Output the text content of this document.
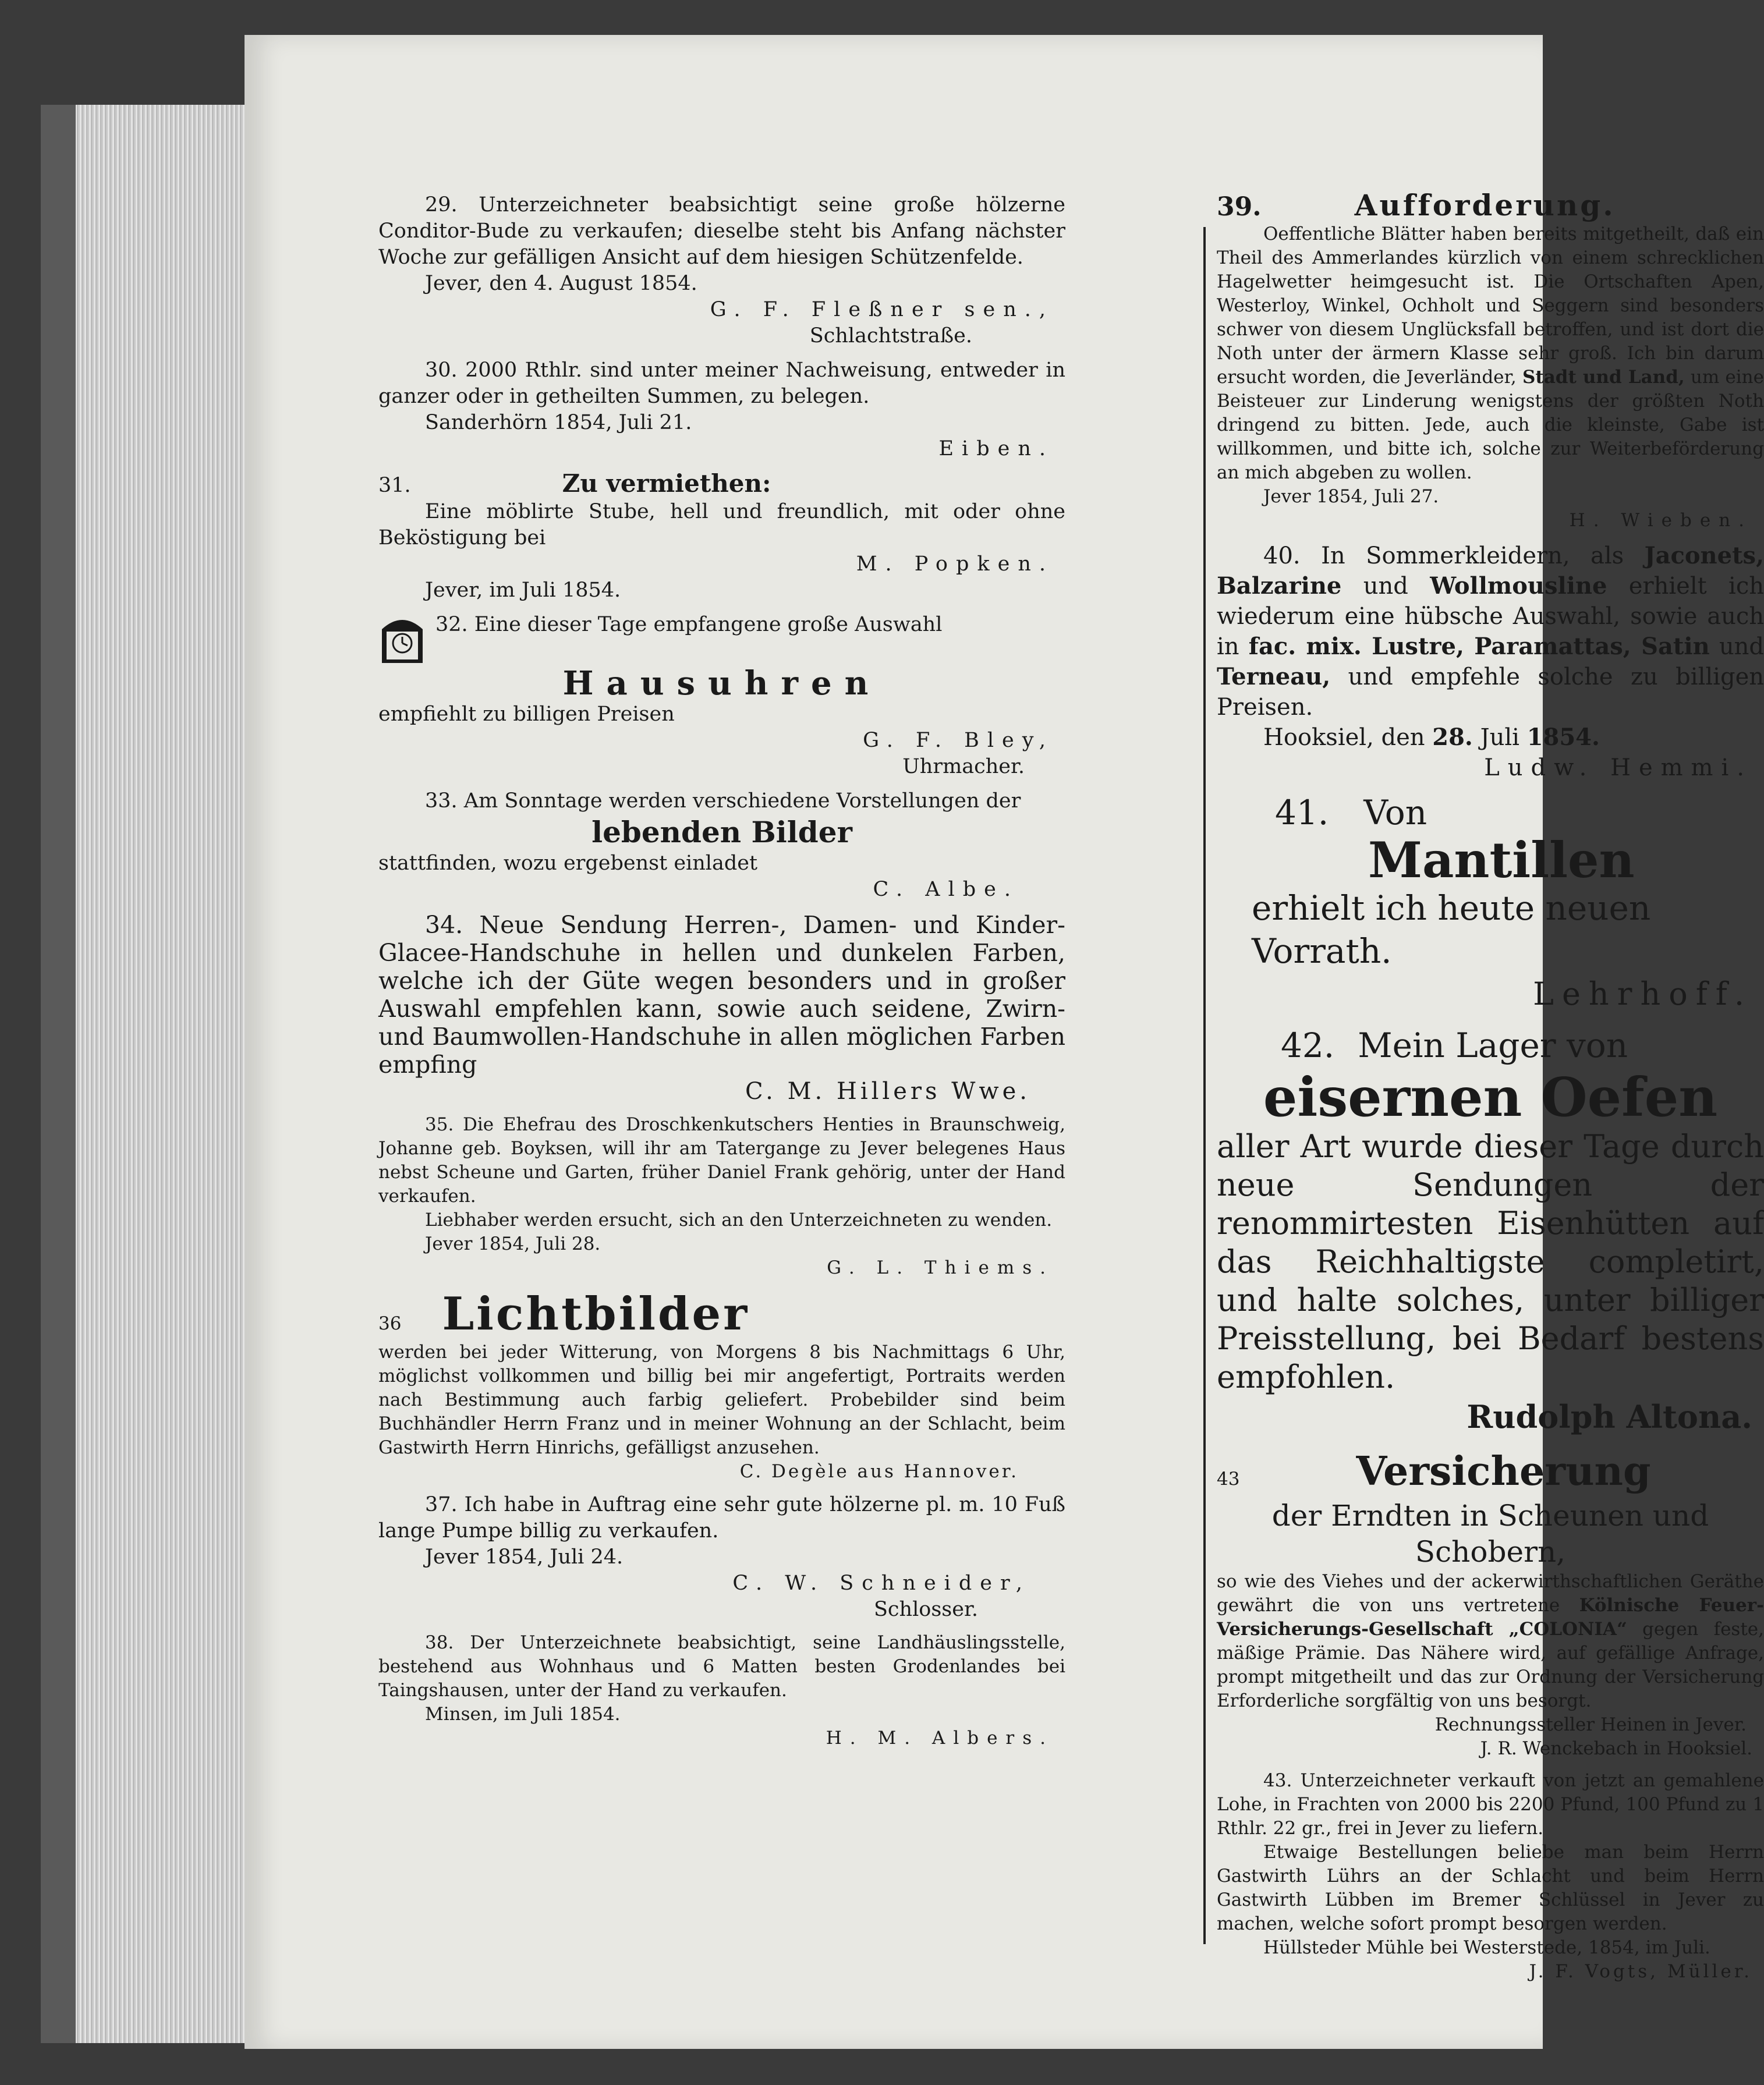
29. Unterzeichneter beabsichtigt seine große hölzerne Conditor-Bude zu verkaufen; dieselbe steht bis Anfang nächster Woche zur gefälligen Ansicht auf dem hiesigen Schützenfelde.

Jever, den 4. August 1854.

G. F. Fleßner sen.,

Schlachtstraße.

30. 2000 Rthlr. sind unter meiner Nachweisung, entweder in ganzer oder in getheilten Summen, zu belegen.

Sanderhörn 1854, Juli 21.

Eiben.

31.	Zu vermiethen:

Eine möblirte Stube, hell und freundlich, mit oder ohne Beköstigung bei

M. Popken.

Jever, im Juli 1854.

32. Eine dieser Tage empfangene große Auswahl

Hausuhren

empfiehlt zu billigen Preisen

G. F. Bley,

Uhrmacher.

33. Am Sonntage werden verschiedene Vorstellungen der

lebenden Bilder

stattfinden, wozu ergebenst einladet

C. Albe.

34. Neue Sendung Herren-, Damen- und Kinder-Glacee-Handschuhe in hellen und dunkelen Farben, welche ich der Güte wegen besonders und in großer Auswahl empfehlen kann, sowie auch seidene, Zwirn- und Baumwollen-Handschuhe in allen möglichen Farben empfing

C. M. Hillers Wwe.

35. Die Ehefrau des Droschkenkutschers Henties in Braunschweig, Johanne geb. Boyksen, will ihr am Tatergange zu Jever belegenes Haus nebst Scheune und Garten, früher Daniel Frank gehörig, unter der Hand verkaufen.

Liebhaber werden ersucht, sich an den Unterzeichneten zu wenden.

Jever 1854, Juli 28.

G. L. Thiems.

36 Lichtbilder

werden bei jeder Witterung, von Morgens 8 bis Nachmittags 6 Uhr, möglichst vollkommen und billig bei mir angefertigt, Portraits werden nach Bestimmung auch farbig geliefert. Probebilder sind beim Buchhändler Herrn Franz und in meiner Wohnung an der Schlacht, beim Gastwirth Herrn Hinrichs, gefälligst anzusehen.

C. Degèle aus Hannover.

37. Ich habe in Auftrag eine sehr gute hölzerne pl. m. 10 Fuß lange Pumpe billig zu verkaufen.

Jever 1854, Juli 24.

C. W. Schneider,

Schlosser.

38. Der Unterzeichnete beabsichtigt, seine Landhäuslingsstelle, bestehend aus Wohnhaus und 6 Matten besten Grodenlandes bei Taingshausen, unter der Hand zu verkaufen.

Minsen, im Juli 1854.

H. M. Albers.

39.	Aufforderung.

Oeffentliche Blätter haben bereits mitgetheilt, daß ein Theil des Ammerlandes kürzlich von einem schrecklichen Hagelwetter heimgesucht ist. Die Ortschaften Apen, Westerloy, Winkel, Ochholt und Seggern sind besonders schwer von diesem Unglücksfall betroffen, und ist dort die Noth unter der ärmern Klasse sehr groß. Ich bin darum ersucht worden, die Jeverländer, Stadt und Land, um eine Beisteuer zur Linderung wenigstens der größten Noth dringend zu bitten. Jede, auch die kleinste, Gabe ist willkommen, und bitte ich, solche zur Weiterbeförderung an mich abgeben zu wollen.

Jever 1854, Juli 27.

H. Wieben.

40. In Sommerkleidern, als Jaconets, Balzarine und Wollmousline erhielt ich wiederum eine hübsche Auswahl, sowie auch in fac. mix. Lustre, Paramattas, Satin und Terneau, und empfehle solche zu billigen Preisen.

Hooksiel, den 28. Juli 1854.

Ludw. Hemmi.

41. Von

Mantillen

erhielt ich heute neuen Vorrath.

Lehrhoff.

42. Mein Lager von

eisernen Oefen

aller Art wurde dieser Tage durch neue Sendungen der renommirtesten Eisenhütten auf das Reichhaltigste completirt, und halte solches, unter billiger Preisstellung, bei Bedarf bestens empfohlen.

Rudolph Altona.

43	Versicherung

der Erndten in Scheunen und Schobern,

so wie des Viehes und der ackerwirthschaftlichen Geräthe gewährt die von uns vertretene Kölnische Feuer-Versicherungs-Gesellschaft „COLONIA“ gegen feste, mäßige Prämie. Das Nähere wird, auf gefällige Anfrage, prompt mitgetheilt und das zur Ordnung der Versicherung Erforderliche sorgfältig von uns besorgt.

Rechnungssteller Heinen in Jever.

J. R. Wenckebach in Hooksiel.

43. Unterzeichneter verkauft von jetzt an gemahlene Lohe, in Frachten von 2000 bis 2200 Pfund, 100 Pfund zu 1 Rthlr. 22 gr., frei in Jever zu liefern.

Etwaige Bestellungen beliebe man beim Herrn Gastwirth Lührs an der Schlacht und beim Herrn Gastwirth Lübben im Bremer Schlüssel in Jever zu machen, welche sofort prompt besorgen werden.

Hüllsteder Mühle bei Westerstede, 1854, im Juli.

J. F. Vogts, Müller.
